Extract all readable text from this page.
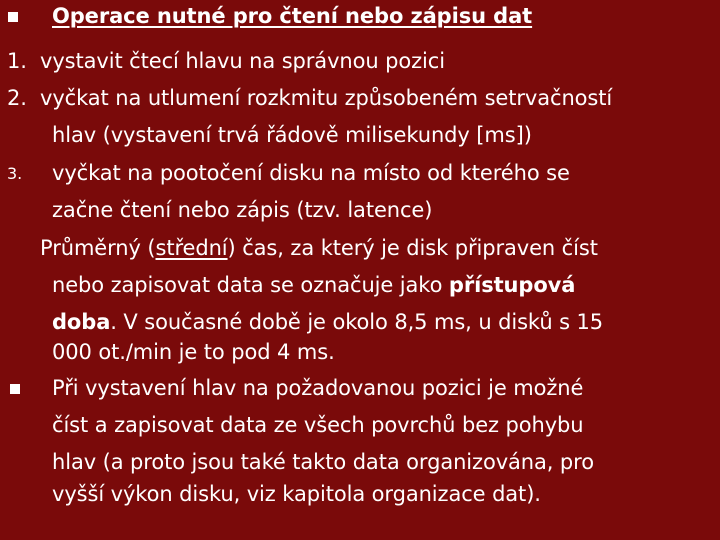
Operace nutné pro čtení nebo zápisu dat
1. vystavit čtecí hlavu na správnou pozici
2. vyčkat na utlumení rozkmitu způsobeném setrvačností
hlav (vystavení trvá řádově milisekundy [ms])
3. vyčkat na pootočení disku na místo od kterého se
začne čtení nebo zápis (tzv. latence)
Průměrný (střední) čas, za který je disk připraven číst
nebo zapisovat data se označuje jako přístupová
doba. V současné době je okolo 8,5 ms, u disků s 15
000 ot./min je to pod 4 ms.
Při vystavení hlav na požadovanou pozici je možné
číst a zapisovat data ze všech povrchů bez pohybu
hlav (a proto jsou také takto data organizována, pro
vyšší výkon disku, viz kapitola organizace dat).
